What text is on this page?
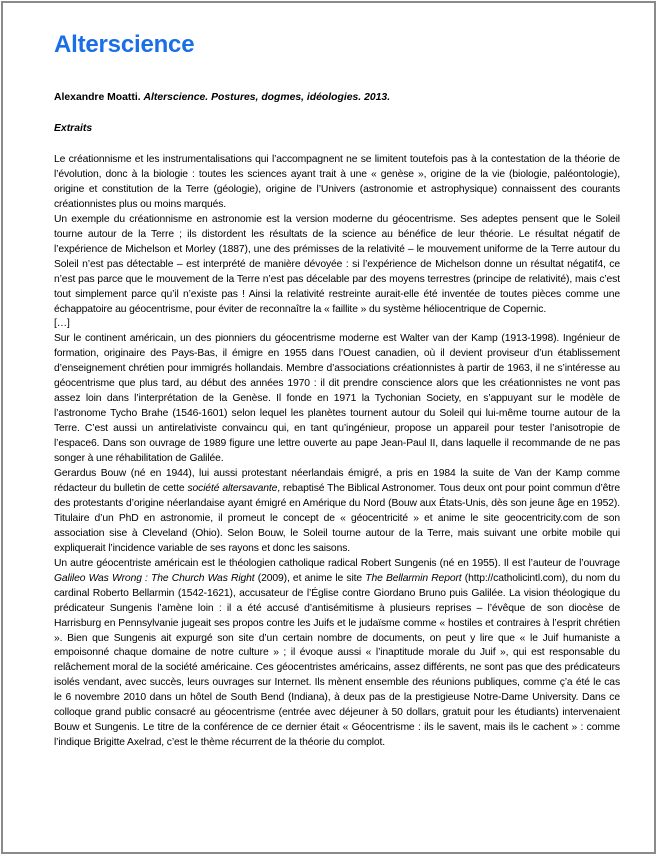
Alterscience
Alexandre Moatti. Alterscience. Postures, dogmes, idéologies. 2013.
Extraits

Le créationnisme et les instrumentalisations qui l’accompagnent ne se limitent toutefois pas à la contestation de la théorie de l’évolution, donc à la biologie : toutes les sciences ayant trait à une « genèse », origine de la vie (biologie, paléontologie), origine et constitution de la Terre (géologie), origine de l’Univers (astronomie et astrophysique) connaissent des courants créationnistes plus ou moins marqués.

Un exemple du créationnisme en astronomie est la version moderne du géocentrisme. Ses adeptes pensent que le Soleil tourne autour de la Terre ; ils distordent les résultats de la science au bénéfice de leur théorie. Le résultat négatif de l’expérience de Michelson et Morley (1887), une des prémisses de la relativité – le mouvement uniforme de la Terre autour du Soleil n’est pas détectable – est interprété de manière dévoyée : si l’expérience de Michelson donne un résultat négatif4, ce n’est pas parce que le mouvement de la Terre n’est pas décelable par des moyens terrestres (principe de relativité), mais c’est tout simplement parce qu’il n’existe pas ! Ainsi la relativité restreinte aurait-elle été inventée de toutes pièces comme une échappatoire au géocentrisme, pour éviter de reconnaître la « faillite » du système héliocentrique de Copernic.

[…]

Sur le continent américain, un des pionniers du géocentrisme moderne est Walter van der Kamp (1913-1998). Ingénieur de formation, originaire des Pays-Bas, il émigre en 1955 dans l’Ouest canadien, où il devient proviseur d’un établissement d’enseignement chrétien pour immigrés hollandais. Membre d’associations créationnistes à partir de 1963, il ne s’intéresse au géocentrisme que plus tard, au début des années 1970 : il dit prendre conscience alors que les créationnistes ne vont pas assez loin dans l’interprétation de la Genèse. Il fonde en 1971 la Tychonian Society, en s’appuyant sur le modèle de l’astronome Tycho Brahe (1546-1601) selon lequel les planètes tournent autour du Soleil qui lui-même tourne autour de la Terre. C’est aussi un antirelativiste convaincu qui, en tant qu’ingénieur, propose un appareil pour tester l’anisotropie de l’espace6. Dans son ouvrage de 1989 figure une lettre ouverte au pape Jean-Paul II, dans laquelle il recommande de ne pas songer à une réhabilitation de Galilée.

Gerardus Bouw (né en 1944), lui aussi protestant néerlandais émigré, a pris en 1984 la suite de Van der Kamp comme rédacteur du bulletin de cette société altersavante, rebaptisé The Biblical Astronomer. Tous deux ont pour point commun d’être des protestants d’origine néerlandaise ayant émigré en Amérique du Nord (Bouw aux États-Unis, dès son jeune âge en 1952). Titulaire d’un PhD en astronomie, il promeut le concept de « géocentricité » et anime le site geocentricity.com de son association sise à Cleveland (Ohio). Selon Bouw, le Soleil tourne autour de la Terre, mais suivant une orbite mobile qui expliquerait l’incidence variable de ses rayons et donc les saisons.

Un autre géocentriste américain est le théologien catholique radical Robert Sungenis (né en 1955). Il est l’auteur de l’ouvrage Galileo Was Wrong : The Church Was Right (2009), et anime le site The Bellarmin Report (http://catholicintl.com), du nom du cardinal Roberto Bellarmin (1542-1621), accusateur de l’Église contre Giordano Bruno puis Galilée. La vision théologique du prédicateur Sungenis l’amène loin : il a été accusé d’antisémitisme à plusieurs reprises – l’évêque de son diocèse de Harrisburg en Pennsylvanie jugeait ses propos contre les Juifs et le judaïsme comme « hostiles et contraires à l’esprit chrétien ». Bien que Sungenis ait expurgé son site d’un certain nombre de documents, on peut y lire que « le Juif humaniste a empoisonné chaque domaine de notre culture » ; il évoque aussi « l’inaptitude morale du Juif », qui est responsable du relâchement moral de la société américaine. Ces géocentristes américains, assez différents, ne sont pas que des prédicateurs isolés vendant, avec succès, leurs ouvrages sur Internet. Ils mènent ensemble des réunions publiques, comme ç’a été le cas le 6 novembre 2010 dans un hôtel de South Bend (Indiana), à deux pas de la prestigieuse Notre-Dame University. Dans ce colloque grand public consacré au géocentrisme (entrée avec déjeuner à 50 dollars, gratuit pour les étudiants) intervenaient Bouw et Sungenis. Le titre de la conférence de ce dernier était « Géocentrisme : ils le savent, mais ils le cachent » : comme l’indique Brigitte Axelrad, c’est le thème récurrent de la théorie du complot.
